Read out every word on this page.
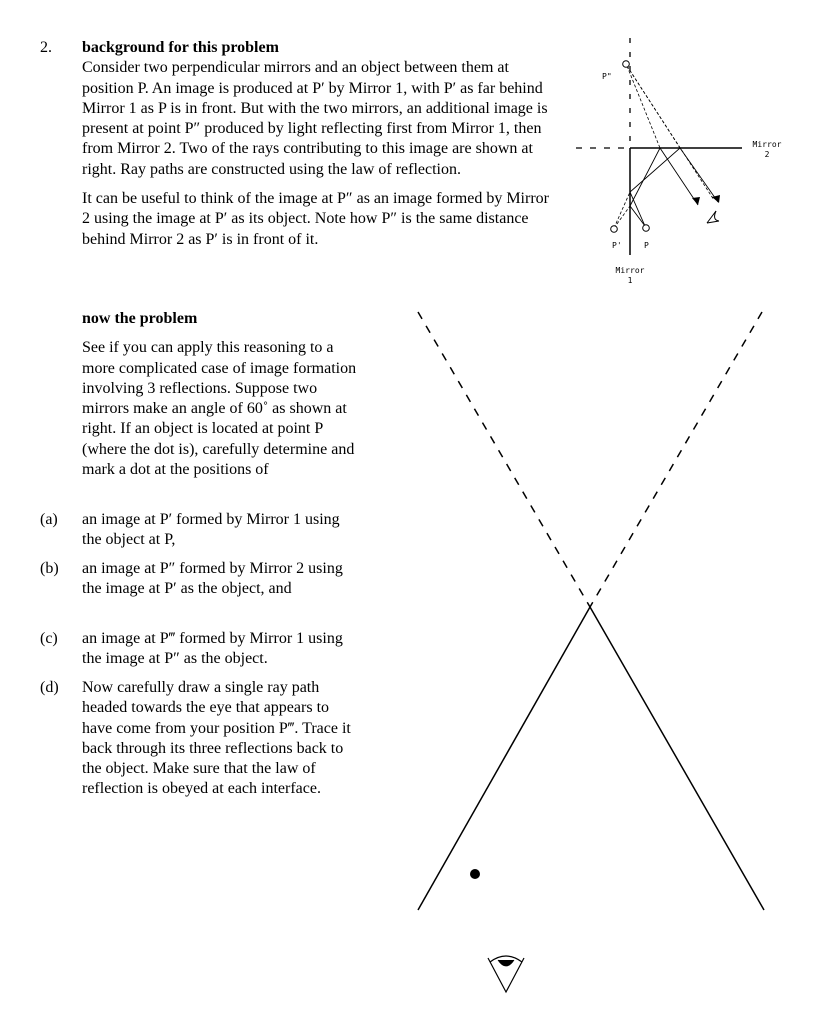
2. background for this problem

Consider two perpendicular mirrors and an object between them at position P. An image is produced at P′ by Mirror 1, with P′ as far behind Mirror 1 as P is in front. But with the two mirrors, an additional image is present at point P″ produced by light reflecting first from Mirror 1, then from Mirror 2. Two of the rays contributing to this image are shown at right. Ray paths are constructed using the law of reflection.

It can be useful to think of the image at P″ as an image formed by Mirror 2 using the image at P′ as its object. Note how P″ is the same distance behind Mirror 2 as P′ is in front of it.

now the problem

See if you can apply this reasoning to a more complicated case of image formation involving 3 reflections. Suppose two mirrors make an angle of 60˚ as shown at right. If an object is located at point P (where the dot is), carefully determine and mark a dot at the positions of

(a) an image at P′ formed by Mirror 1 using the object at P,
(b) an image at P″ formed by Mirror 2 using the image at P′ as the object, and
(c) an image at P‴ formed by Mirror 1 using the image at P″ as the object.
(d) Now carefully draw a single ray path headed towards the eye that appears to have come from your position P‴. Trace it back through its three reflections back to the object. Make sure that the law of reflection is obeyed at each interface.
P"
P'	P
Mirror
2
Mirror
1
